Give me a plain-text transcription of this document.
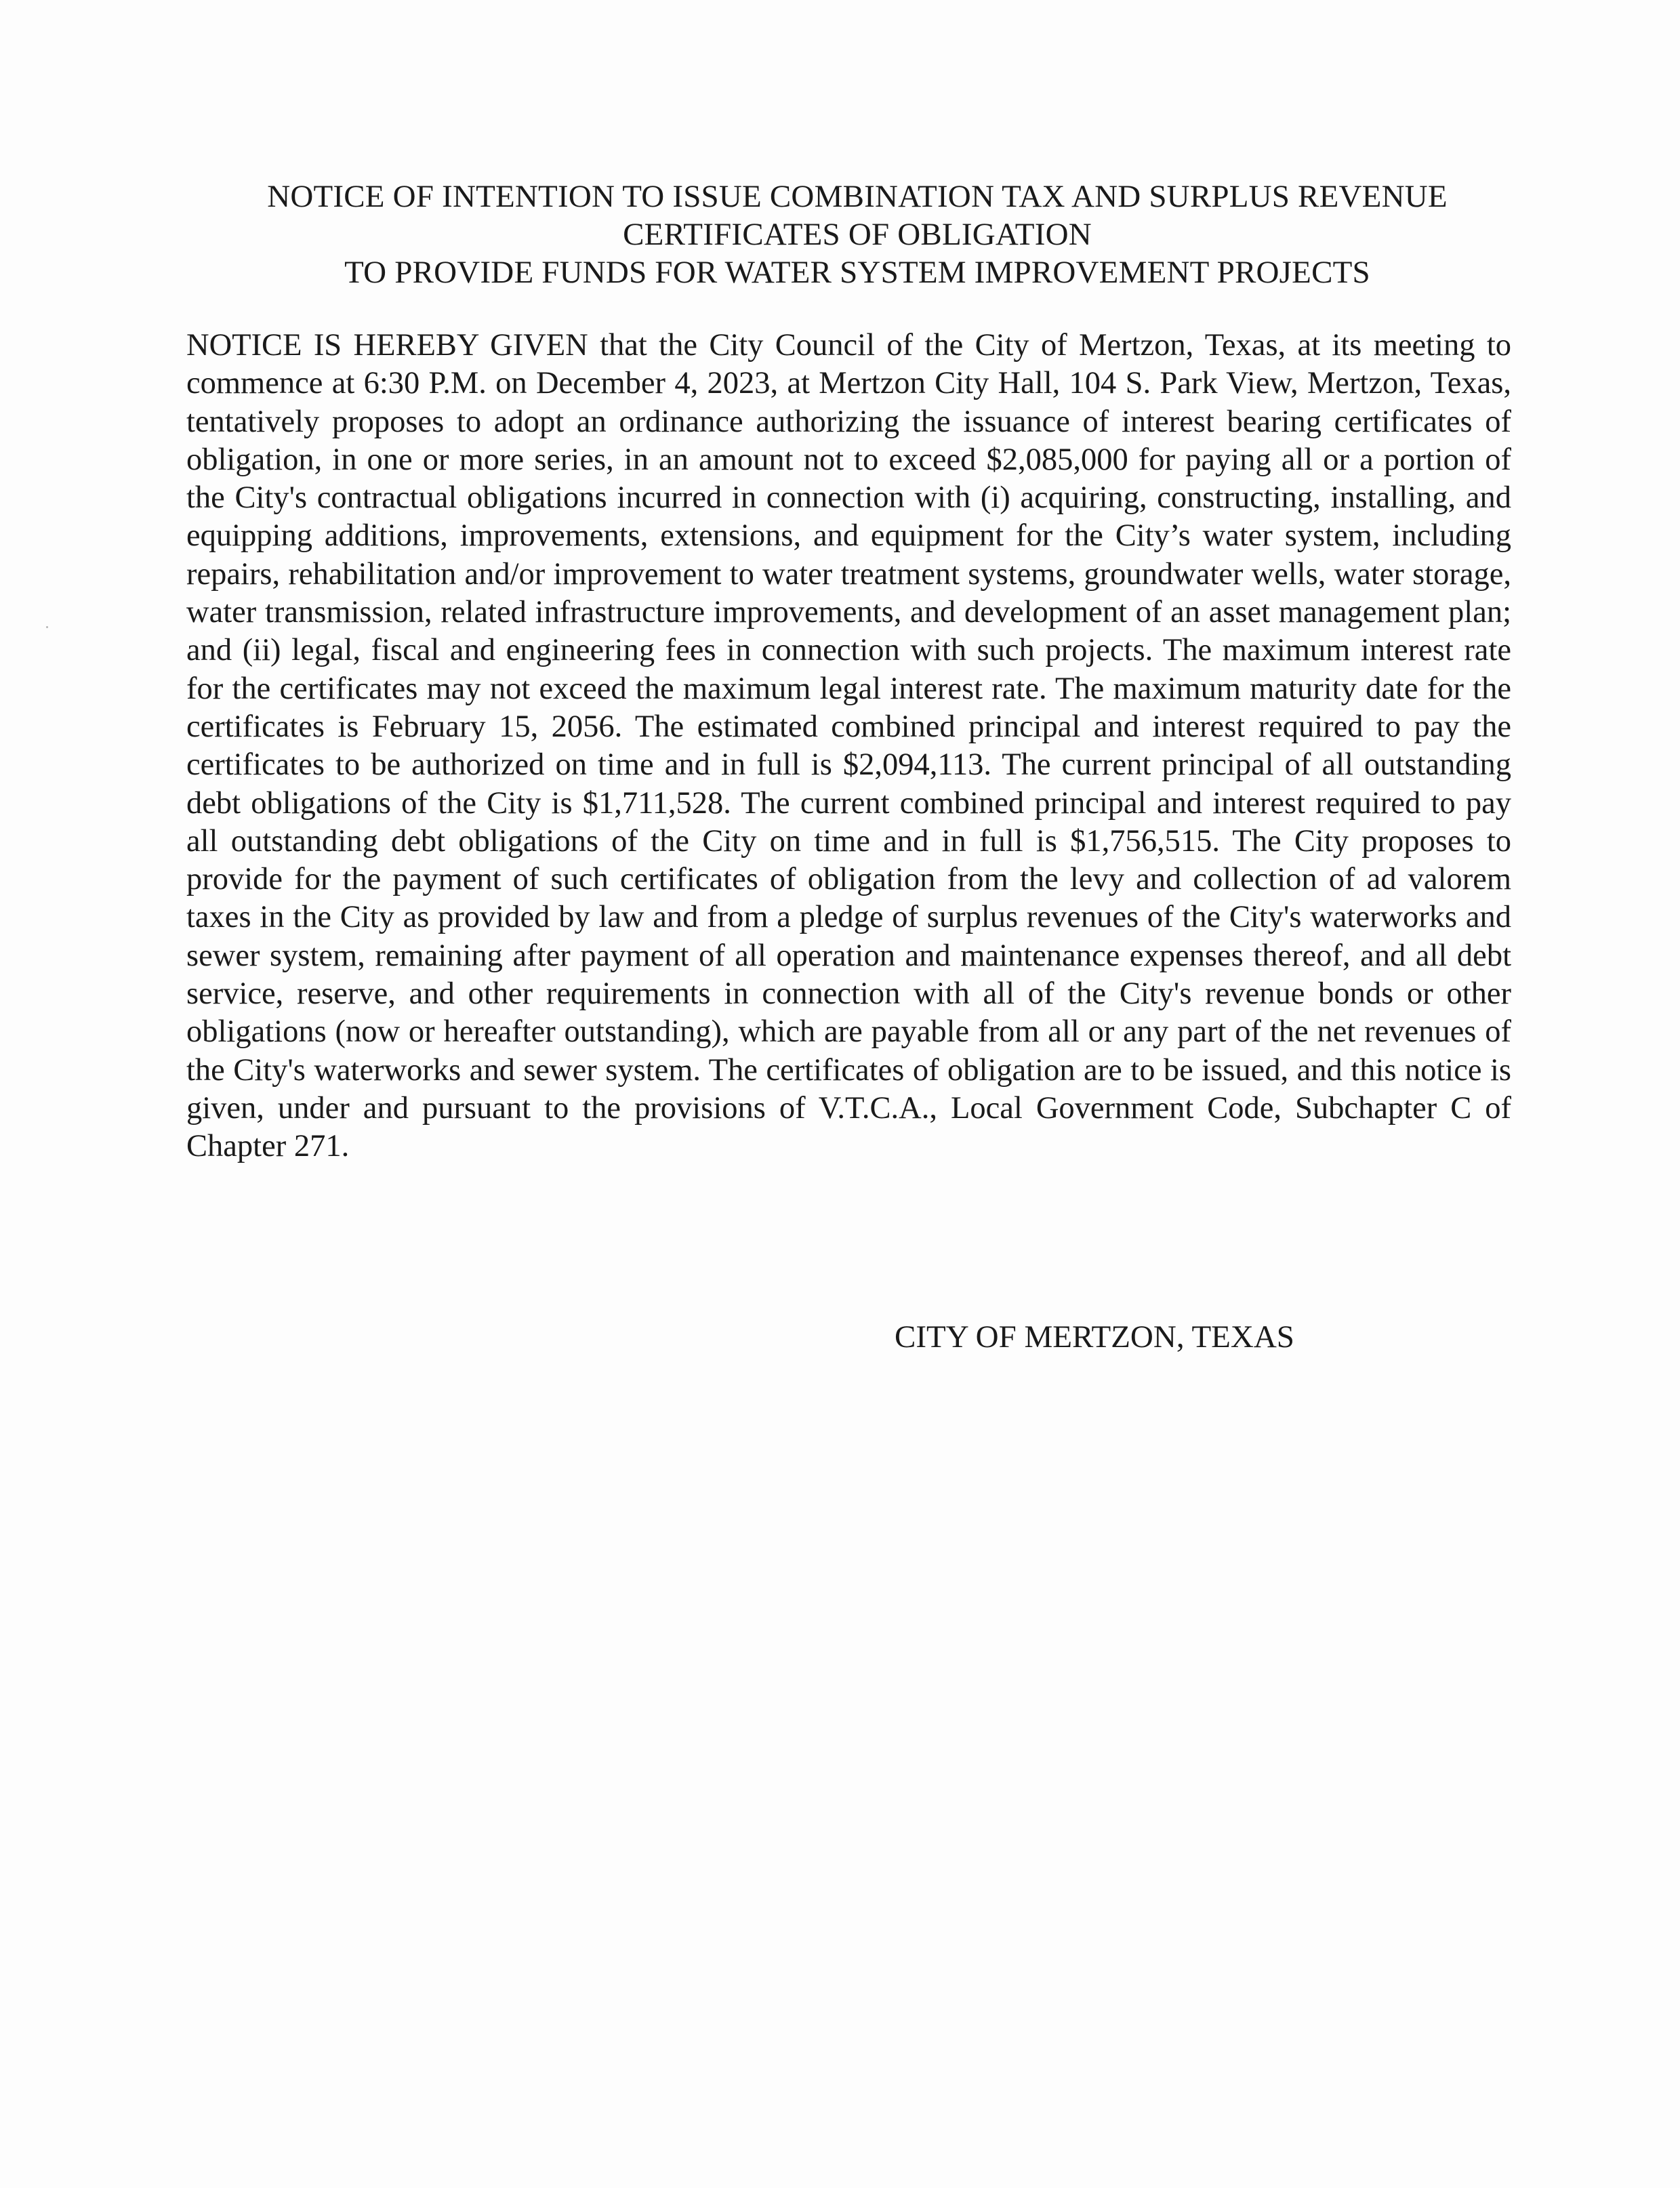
NOTICE OF INTENTION TO ISSUE COMBINATION TAX AND SURPLUS REVENUE
CERTIFICATES OF OBLIGATION
TO PROVIDE FUNDS FOR WATER SYSTEM IMPROVEMENT PROJECTS

NOTICE IS HEREBY GIVEN that the City Council of the City of Mertzon, Texas, at its meeting to commence at 6:30 P.M. on December 4, 2023, at Mertzon City Hall, 104 S. Park View, Mertzon, Texas, tentatively proposes to adopt an ordinance authorizing the issuance of interest bearing certificates of obligation, in one or more series, in an amount not to exceed $2,085,000 for paying all or a portion of the City's contractual obligations incurred in connection with (i) acquiring, constructing, installing, and equipping additions, improvements, extensions, and equipment for the City’s water system, including repairs, rehabilitation and/or improvement to water treatment systems, groundwater wells, water storage, water transmission, related infrastructure improvements, and development of an asset management plan; and (ii) legal, fiscal and engineering fees in connection with such projects. The maximum interest rate for the certificates may not exceed the maximum legal interest rate. The maximum maturity date for the certificates is February 15, 2056. The estimated combined principal and interest required to pay the certificates to be authorized on time and in full is $2,094,113. The current principal of all outstanding debt obligations of the City is $1,711,528. The current combined principal and interest required to pay all outstanding debt obligations of the City on time and in full is $1,756,515. The City proposes to provide for the payment of such certificates of obligation from the levy and collection of ad valorem taxes in the City as provided by law and from a pledge of surplus revenues of the City's waterworks and sewer system, remaining after payment of all operation and maintenance expenses thereof, and all debt service, reserve, and other requirements in connection with all of the City's revenue bonds or other obligations (now or hereafter outstanding), which are payable from all or any part of the net revenues of the City's waterworks and sewer system. The certificates of obligation are to be issued, and this notice is given, under and pursuant to the provisions of V.T.C.A., Local Government Code, Subchapter C of Chapter 271.

CITY OF MERTZON, TEXAS
